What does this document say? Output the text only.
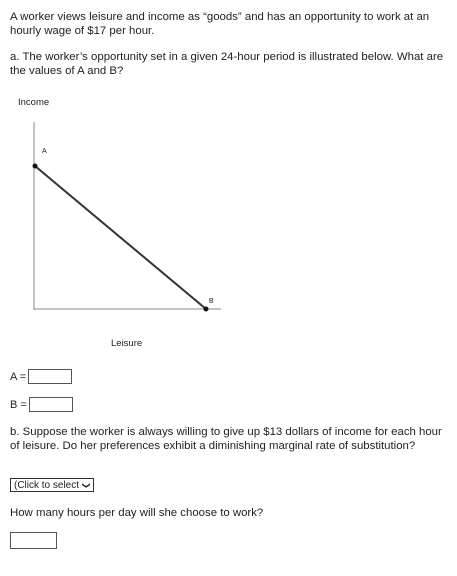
A worker views leisure and income as “goods” and has an opportunity to work at an hourly wage of $17 per hour.

a. The worker’s opportunity set in a given 24-hour period is illustrated below. What are the values of A and B?

Income
A
B
Leisure
A =
B =

b. Suppose the worker is always willing to give up $13 dollars of income for each hour of leisure. Do her preferences exhibit a diminishing marginal rate of substitution?

(Click to select ❯

How many hours per day will she choose to work?
